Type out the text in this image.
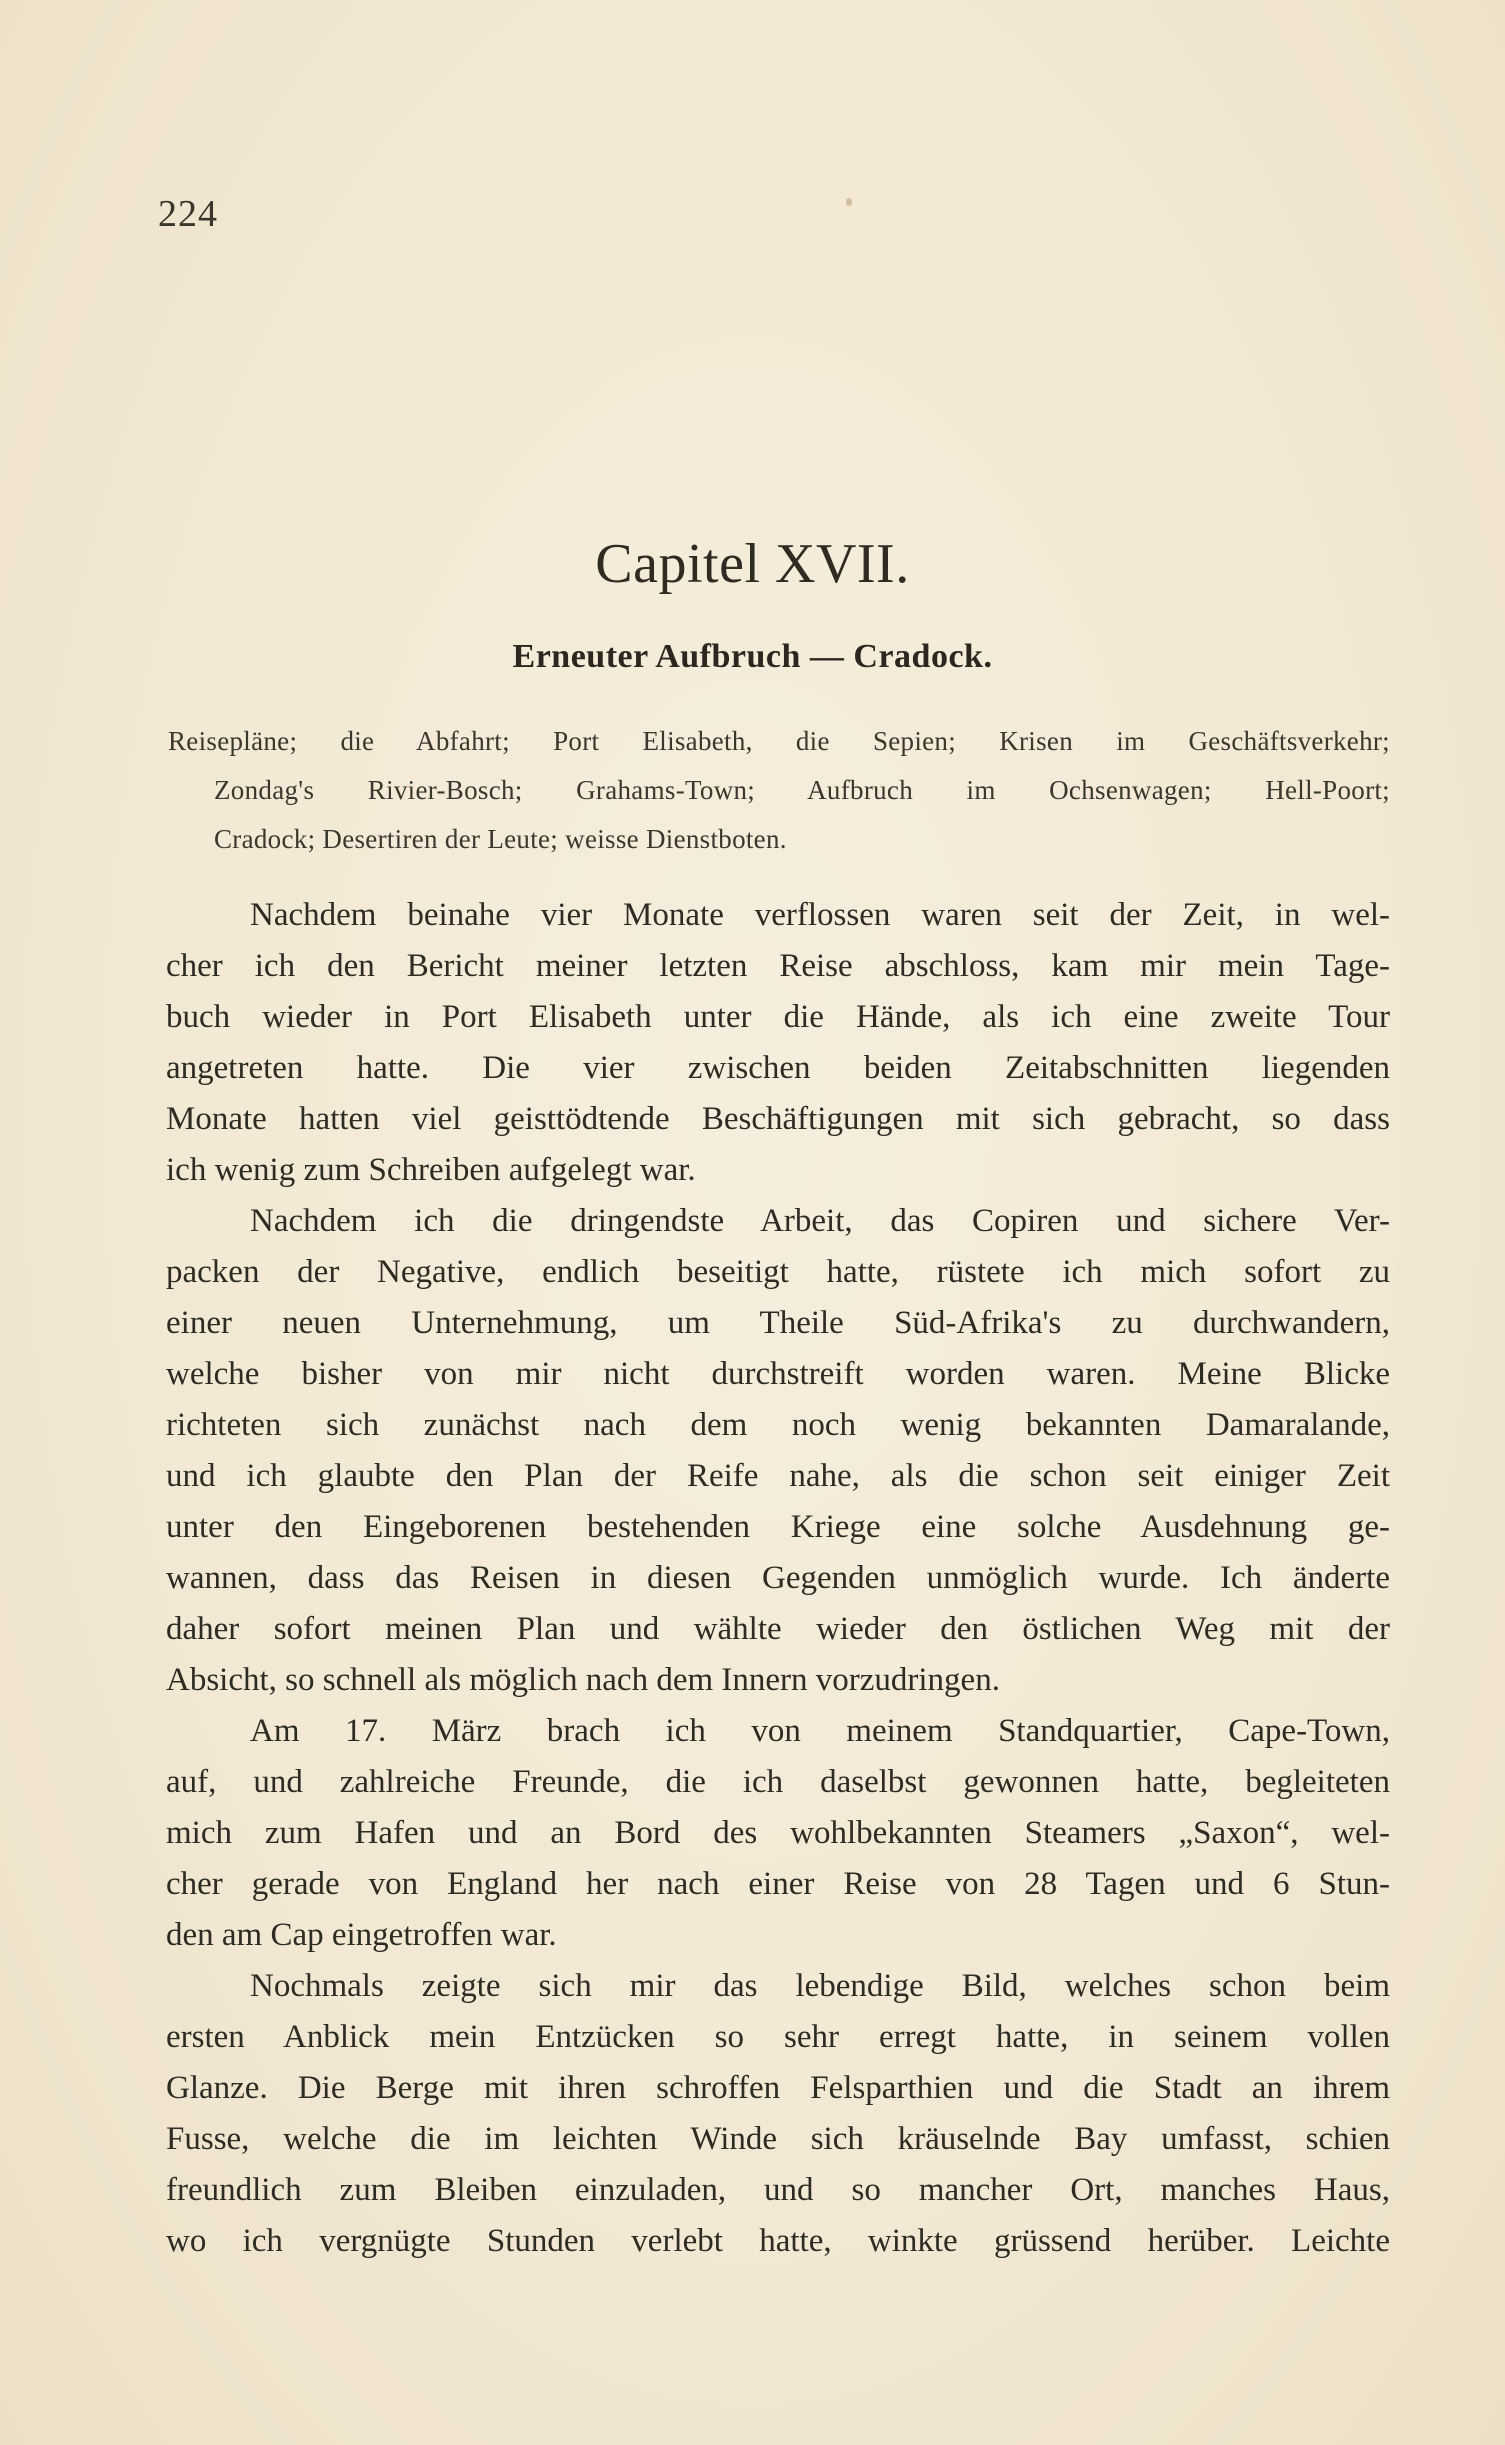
224
Capitel XVII.
Erneuter Aufbruch — Cradock.
Reisepläne; die Abfahrt; Port Elisabeth, die Sepien; Krisen im Geschäftsverkehr;
Zondag's Rivier-Bosch; Grahams-Town; Aufbruch im Ochsenwagen; Hell-Poort;
Cradock; Desertiren der Leute; weisse Dienstboten.
Nachdem beinahe vier Monate verflossen waren seit der Zeit, in wel-
cher ich den Bericht meiner letzten Reise abschloss, kam mir mein Tage-
buch wieder in Port Elisabeth unter die Hände, als ich eine zweite Tour
angetreten hatte. Die vier zwischen beiden Zeitabschnitten liegenden
Monate hatten viel geisttödtende Beschäftigungen mit sich gebracht, so dass
ich wenig zum Schreiben aufgelegt war.
Nachdem ich die dringendste Arbeit, das Copiren und sichere Ver-
packen der Negative, endlich beseitigt hatte, rüstete ich mich sofort zu
einer neuen Unternehmung, um Theile Süd-Afrika's zu durchwandern,
welche bisher von mir nicht durchstreift worden waren. Meine Blicke
richteten sich zunächst nach dem noch wenig bekannten Damaralande,
und ich glaubte den Plan der Reife nahe, als die schon seit einiger Zeit
unter den Eingeborenen bestehenden Kriege eine solche Ausdehnung ge-
wannen, dass das Reisen in diesen Gegenden unmöglich wurde. Ich änderte
daher sofort meinen Plan und wählte wieder den östlichen Weg mit der
Absicht, so schnell als möglich nach dem Innern vorzudringen.
Am 17. März brach ich von meinem Standquartier, Cape-Town,
auf, und zahlreiche Freunde, die ich daselbst gewonnen hatte, begleiteten
mich zum Hafen und an Bord des wohlbekannten Steamers „Saxon“, wel-
cher gerade von England her nach einer Reise von 28 Tagen und 6 Stun-
den am Cap eingetroffen war.
Nochmals zeigte sich mir das lebendige Bild, welches schon beim
ersten Anblick mein Entzücken so sehr erregt hatte, in seinem vollen
Glanze. Die Berge mit ihren schroffen Felsparthien und die Stadt an ihrem
Fusse, welche die im leichten Winde sich kräuselnde Bay umfasst, schien
freundlich zum Bleiben einzuladen, und so mancher Ort, manches Haus,
wo ich vergnügte Stunden verlebt hatte, winkte grüssend herüber. Leichte
